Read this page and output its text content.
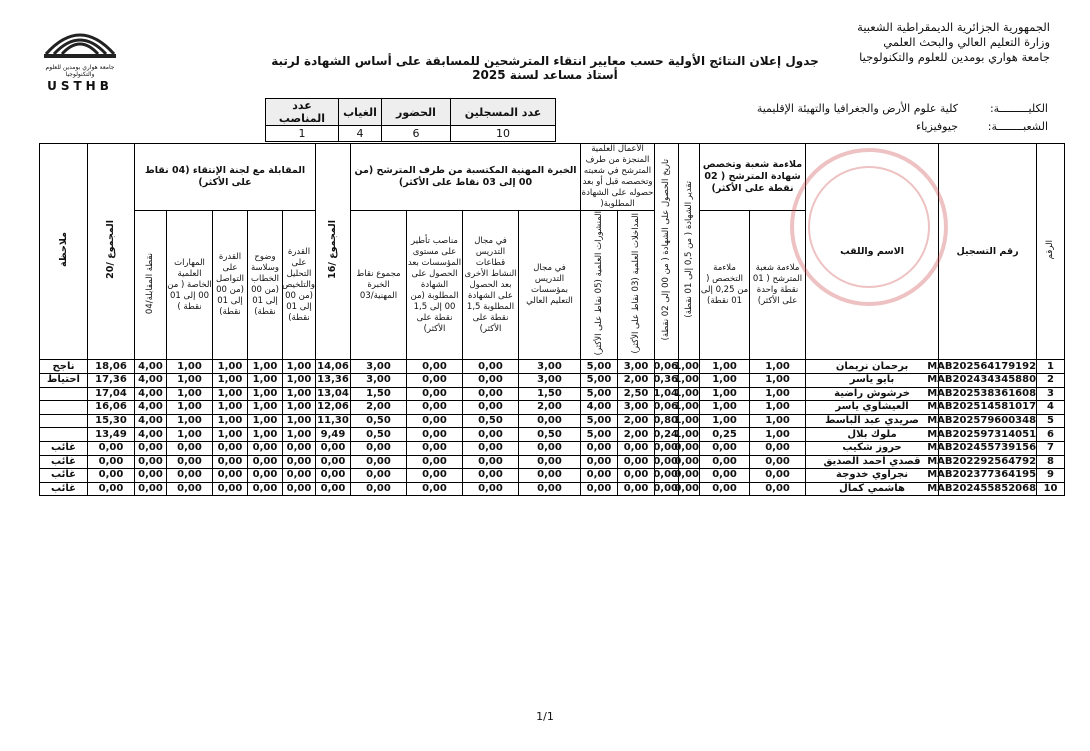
جامعة هواري بومدين للعلوم والتكنولوجيا
USTHB
الجمهورية الجزائرية الديمقراطية الشعبية
وزارة التعليم العالي والبحث العلمي
جامعة هواري بومدين للعلوم والتكنولوجيا
جدول إعلان النتائج الأولية حسب معايير انتقاء المترشحين للمسابقة على أساس الشهادة لرتبة أستاذ مساعد لسنة 2025
عدد المسجلين	الحضور	الغياب	عدد المناصب
10	6	4	1
الكليـــــــــة:كلية علوم الأرض والجغرافيا والتهيئة الإقليمية
الشعبــــــــة:جيوفيزياء
الرقم	رقم التسجيل	الاسم واللقب	ملاءمة شعبة وتخصص شهادة المترشح ( 02 نقطة على الأكثر)		تقدير الشهادة ( من 0,5 إلى 01 نقطة)	تاريخ الحصول على الشهادة ( من 00 إلى 02 نقطة)	الأعمال العلمية المنجزة من طرف المترشح في شعبته وتخصصه قبل أو بعد حصوله على الشهادة المطلوبة(		الخبرة المهنية المكتسبة من طرف المترشح (من 00 إلى 03 نقاط على الأكثر)				المجموع /16	المقابلة مع لجنة الإنتقاء (04 نقاط على الأكثر)					المجموع /20	ملاحظة
			ملاءمة شعبة المترشح ( 01 نقطة واحدة على الأكثر)	ملاءمة التخصص ( من 0,25 إلى 01 نقطة)			المداخلات العلمية (03 نقاط على الأكثر)	المنشورات العلمية (05 نقاط على الأكثر)	في مجال التدريس بمؤسسات التعليم العالي	في مجال التدريس قطاعات النشاط الأخرى بعد الحصول على الشهادة المطلوبة 1,5 نقطة على الأكثر)	مناصب تأطير على مستوى المؤسسات بعد الحصول على الشهادة المطلوبة (من 00 إلى 1,5 نقطة على الأكثر)	مجموع نقاط الخبرة المهنية/03		القدرة على التحليل والتلخيص (من 00 إلى 01 نقطة)	وضوح وسلاسة الخطاب (من 00 إلى 01 نقطة)	القدرة على التواصل (من 00 إلى 01 نقطة)	المهارات العلمية الخاصة ( من 00 إلى 01 نقطة )	نقطة المقابلة/04		
1	MAB202564179192	برحمان نريمان	1,00	1,00	1,00	0,06	3,00	5,00	3,00	0,00	0,00	3,00	14,06	1,00	1,00	1,00	1,00	4,00	18,06	ناجح
2	MAB202434345880	بايو ياسر	1,00	1,00	1,00	0,36	2,00	5,00	3,00	0,00	0,00	3,00	13,36	1,00	1,00	1,00	1,00	4,00	17,36	احتياط
3	MAB202538361608	خرشوش راضية	1,00	1,00	1,00	1,04	2,50	5,00	1,50	0,00	0,00	1,50	13,04	1,00	1,00	1,00	1,00	4,00	17,04	
4	MAB202514581017	العيشاوي ياسر	1,00	1,00	1,00	0,06	3,00	4,00	2,00	0,00	0,00	2,00	12,06	1,00	1,00	1,00	1,00	4,00	16,06	
5	MAB202579600348	صريدي عبد الباسط	1,00	1,00	1,00	0,80	2,00	5,00	0,00	0,50	0,00	0,50	11,30	1,00	1,00	1,00	1,00	4,00	15,30	
6	MAB202597314051	ملوك بلال	1,00	0,25	1,00	0,24	2,00	5,00	0,50	0,00	0,00	0,50	9,49	1,00	1,00	1,00	1,00	4,00	13,49	
7	MAB202455739156	حروز شكيب	0,00	0,00	0,00	0,00	0,00	0,00	0,00	0,00	0,00	0,00	0,00	0,00	0,00	0,00	0,00	0,00	0,00	غائب
8	MAB202292564792	قصدي احمد الصديق	0,00	0,00	0,00	0,00	0,00	0,00	0,00	0,00	0,00	0,00	0,00	0,00	0,00	0,00	0,00	0,00	0,00	غائب
9	MAB202377364195	نجراوي خدوجة	0,00	0,00	0,00	0,00	0,00	0,00	0,00	0,00	0,00	0,00	0,00	0,00	0,00	0,00	0,00	0,00	0,00	غائب
10	MAB202455852068	هاشمي كمال	0,00	0,00	0,00	0,00	0,00	0,00	0,00	0,00	0,00	0,00	0,00	0,00	0,00	0,00	0,00	0,00	0,00	غائب
1/1
